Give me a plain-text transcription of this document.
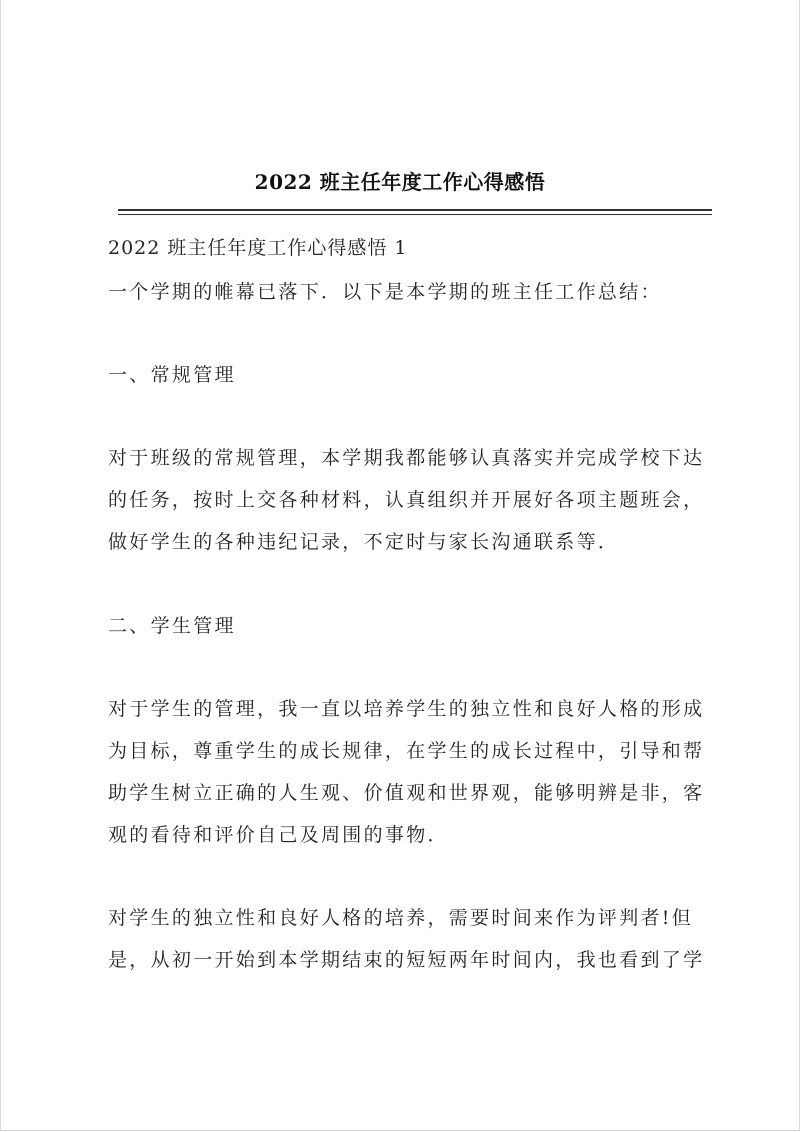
2022 班主任年度工作心得感悟
2022 班主任年度工作心得感悟 1
一个学期的帷幕已落下．以下是本学期的班主任工作总结：
一、常规管理
对于班级的常规管理，本学期我都能够认真落实并完成学校下达
的任务，按时上交各种材料，认真组织并开展好各项主题班会，
做好学生的各种违纪记录，不定时与家长沟通联系等．
二、学生管理
对于学生的管理，我一直以培养学生的独立性和良好人格的形成
为目标，尊重学生的成长规律，在学生的成长过程中，引导和帮
助学生树立正确的人生观、价值观和世界观，能够明辨是非，客
观的看待和评价自己及周围的事物．
对学生的独立性和良好人格的培养，需要时间来作为评判者!但
是，从初一开始到本学期结束的短短两年时间内，我也看到了学
